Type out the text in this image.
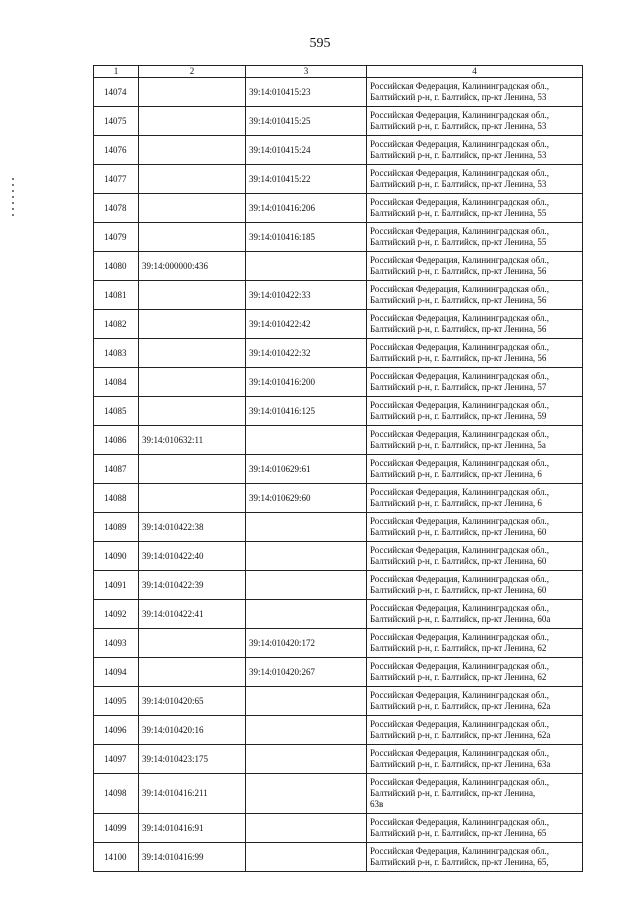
595
1	2	3	4
14074		39:14:010415:23	Российская Федерация, Калининградская обл.,
Балтийский р-н, г. Балтийск, пр-кт Ленина, 53

14075		39:14:010415:25	Российская Федерация, Калининградская обл.,
Балтийский р-н, г. Балтийск, пр-кт Ленина, 53

14076		39:14:010415:24	Российская Федерация, Калининградская обл.,
Балтийский р-н, г. Балтийск, пр-кт Ленина, 53

14077		39:14:010415:22	Российская Федерация, Калининградская обл.,
Балтийский р-н, г. Балтийск, пр-кт Ленина, 53

14078		39:14:010416:206	Российская Федерация, Калининградская обл.,
Балтийский р-н, г. Балтийск, пр-кт Ленина, 55

14079		39:14:010416:185	Российская Федерация, Калининградская обл.,
Балтийский р-н, г. Балтийск, пр-кт Ленина, 55

14080	39:14:000000:436		Российская Федерация, Калининградская обл.,
Балтийский р-н, г. Балтийск, пр-кт Ленина, 56

14081		39:14:010422:33	Российская Федерация, Калининградская обл.,
Балтийский р-н, г. Балтийск, пр-кт Ленина, 56

14082		39:14:010422:42	Российская Федерация, Калининградская обл.,
Балтийский р-н, г. Балтийск, пр-кт Ленина, 56

14083		39:14:010422:32	Российская Федерация, Калининградская обл.,
Балтийский р-н, г. Балтийск, пр-кт Ленина, 56

14084		39:14:010416:200	Российская Федерация, Калининградская обл.,
Балтийский р-н, г. Балтийск, пр-кт Ленина, 57

14085		39:14:010416:125	Российская Федерация, Калининградская обл.,
Балтийский р-н, г. Балтийск, пр-кт Ленина, 59

14086	39:14:010632:11		Российская Федерация, Калининградская обл.,
Балтийский р-н, г. Балтийск, пр-кт Ленина, 5а

14087		39:14:010629:61	Российская Федерация, Калининградская обл.,
Балтийский р-н, г. Балтийск, пр-кт Ленина, 6

14088		39:14:010629:60	Российская Федерация, Калининградская обл.,
Балтийский р-н, г. Балтийск, пр-кт Ленина, 6

14089	39:14:010422:38		Российская Федерация, Калининградская обл.,
Балтийский р-н, г. Балтийск, пр-кт Ленина, 60

14090	39:14:010422:40		Российская Федерация, Калининградская обл.,
Балтийский р-н, г. Балтийск, пр-кт Ленина, 60

14091	39:14:010422:39		Российская Федерация, Калининградская обл.,
Балтийский р-н, г. Балтийск, пр-кт Ленина, 60

14092	39:14:010422:41		Российская Федерация, Калининградская обл.,
Балтийский р-н, г. Балтийск, пр-кт Ленина, 60а

14093		39:14:010420:172	Российская Федерация, Калининградская обл.,
Балтийский р-н, г. Балтийск, пр-кт Ленина, 62

14094		39:14:010420:267	Российская Федерация, Калининградская обл.,
Балтийский р-н, г. Балтийск, пр-кт Ленина, 62

14095	39:14:010420:65		Российская Федерация, Калининградская обл.,
Балтийский р-н, г. Балтийск, пр-кт Ленина, 62а

14096	39:14:010420:16		Российская Федерация, Калининградская обл.,
Балтийский р-н, г. Балтийск, пр-кт Ленина, 62а

14097	39:14:010423:175		Российская Федерация, Калининградская обл.,
Балтийский р-н, г. Балтийск, пр-кт Ленина, 63а

14098	39:14:010416:211		Российская Федерация, Калининградская обл.,
Балтийский р-н, г. Балтийск, пр-кт Ленина,
63в

14099	39:14:010416:91		Российская Федерация, Калининградская обл.,
Балтийский р-н, г. Балтийск, пр-кт Ленина, 65

14100	39:14:010416:99		Российская Федерация, Калининградская обл.,
Балтийский р-н, г. Балтийск, пр-кт Ленина, 65,
